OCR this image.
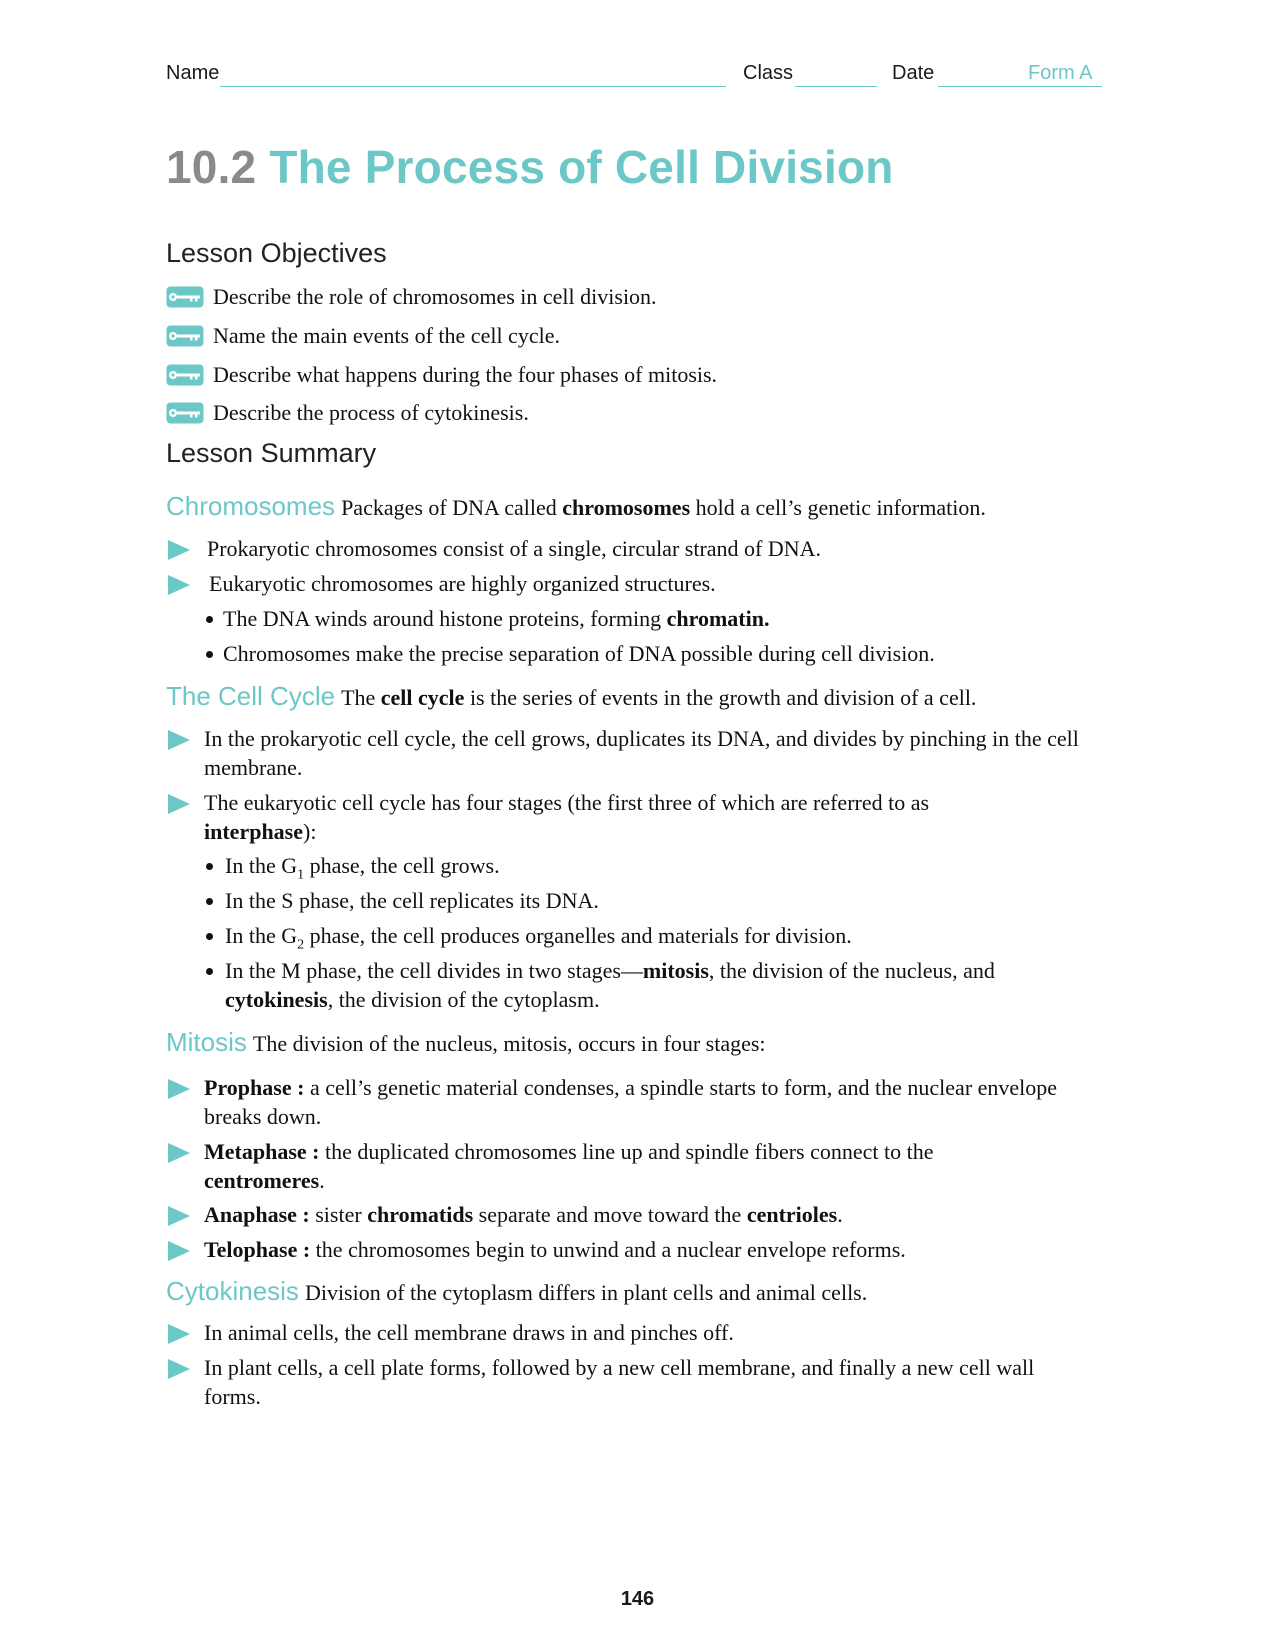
Name	Class	Date	Form A
10.2 The Process of Cell Division
Lesson Objectives
Describe the role of chromosomes in cell division.
Name the main events of the cell cycle.
Describe what happens during the four phases of mitosis.
Describe the process of cytokinesis.
Lesson Summary
Chromosomes Packages of DNA called chromosomes hold a cell’s genetic information.
Prokaryotic chromosomes consist of a single, circular strand of DNA.
Eukaryotic chromosomes are highly organized structures.
The DNA winds around histone proteins, forming chromatin.
Chromosomes make the precise separation of DNA possible during cell division.
The Cell Cycle The cell cycle is the series of events in the growth and division of a cell.
In the prokaryotic cell cycle, the cell grows, duplicates its DNA, and divides by pinching in the cell membrane.
The eukaryotic cell cycle has four stages (the first three of which are referred to as interphase):
In the $G_1$ phase, the cell grows.
In the S phase, the cell replicates its DNA.
In the $G_2$ phase, the cell produces organelles and materials for division.
In the M phase, the cell divides in two stages—mitosis, the division of the nucleus, and cytokinesis, the division of the cytoplasm.
Mitosis The division of the nucleus, mitosis, occurs in four stages:
Prophase : a cell’s genetic material condenses, a spindle starts to form, and the nuclear envelope breaks down.
Metaphase : the duplicated chromosomes line up and spindle fibers connect to the centromeres.
Anaphase : sister chromatids separate and move toward the centrioles.
Telophase : the chromosomes begin to unwind and a nuclear envelope reforms.
Cytokinesis Division of the cytoplasm differs in plant cells and animal cells.
In animal cells, the cell membrane draws in and pinches off.
In plant cells, a cell plate forms, followed by a new cell membrane, and finally a new cell wall forms.
146
